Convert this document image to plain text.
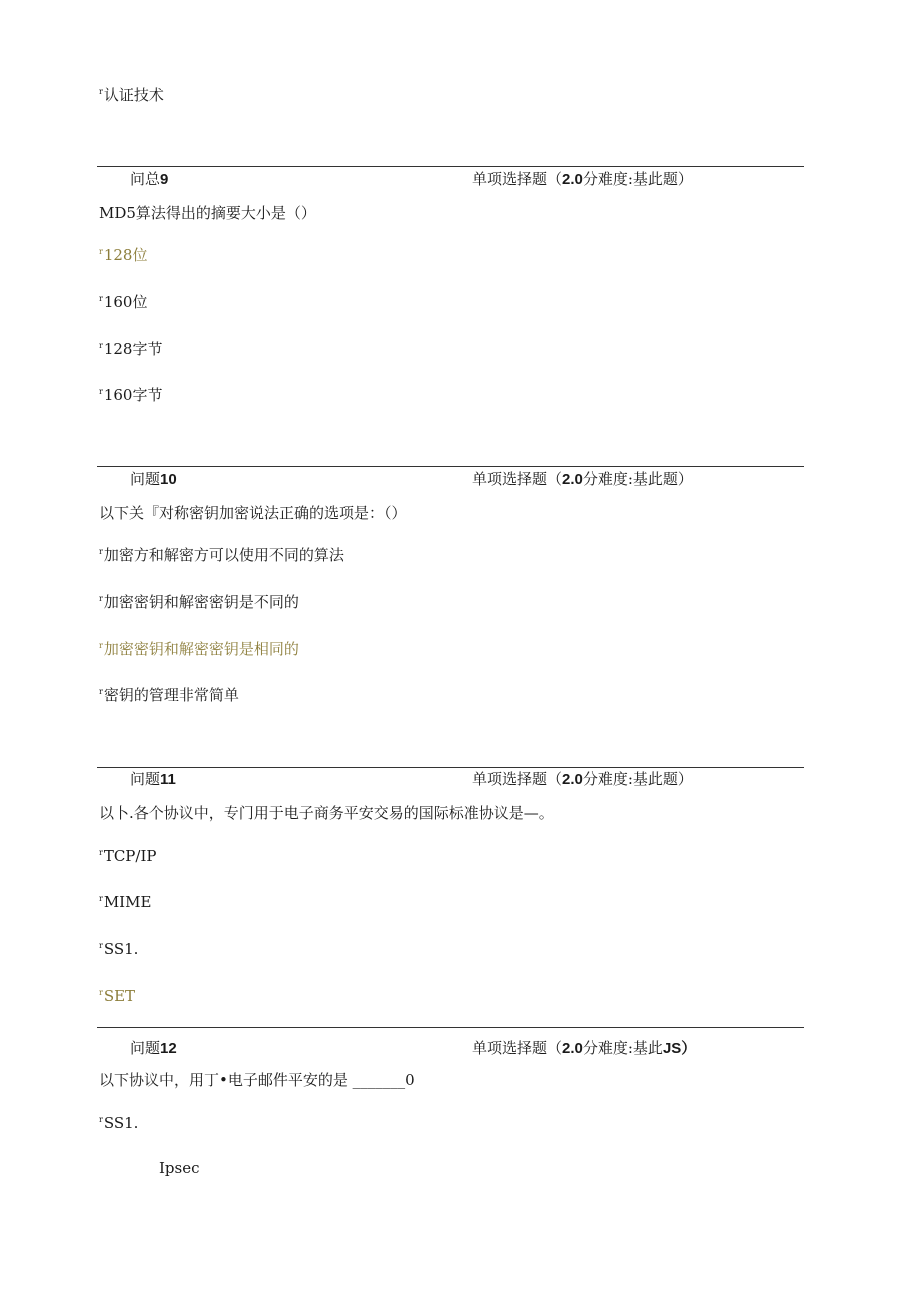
$^r$认证技术
问总9	单项选择题（2.0分难度:基此题）
MD5算法得出的摘要大小是（）
$^r$128位
$^r$160位
$^r$128字节
$^r$160字节
问题10	单项选择题（2.0分难度:基此题）
以下关『对称密钥加密说法正确的选项是：（）
$^r$加密方和解密方可以使用不同的算法
$^r$加密密钥和解密密钥是不同的
$^r$加密密钥和解密密钥是相同的
$^r$密钥的管理非常简单
问题11	单项选择题（2.0分难度:基此题）
以卜.各个协议中，专门用于电子商务平安交易的国际标准协议是—。
$^r$TCP/IP
$^r$MIME
$^r$SS1.
$^r$SET
问题12	单项选择题（2.0分难度:基此JS）
以下协议中，用丁•电子邮件平安的是 _______0
$^r$SS1.
Ipsec
